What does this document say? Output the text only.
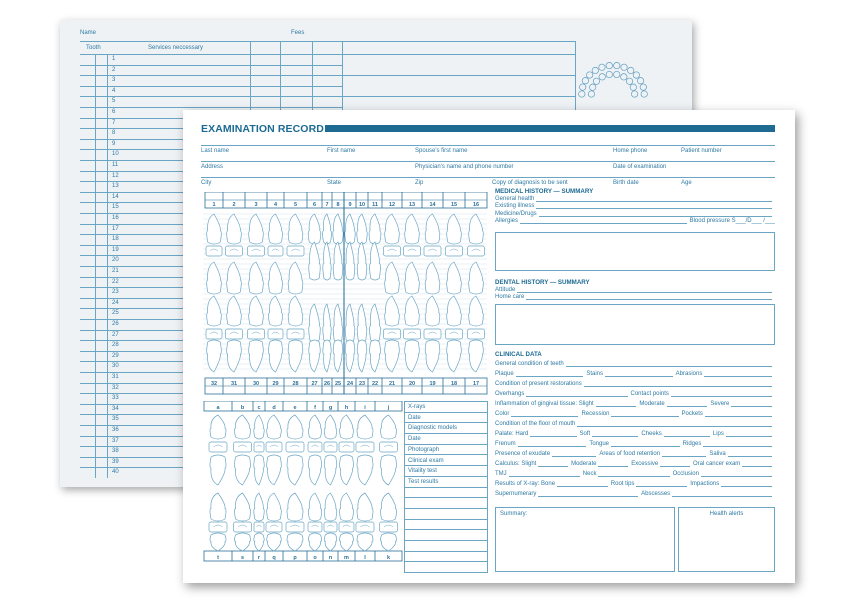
Name	Fees
Tooth	Services neccessary
1
2
3
4
5
6
7
8
9
10
11
12
13
14
15
16
17
18
19
20
21
22
23
24
25
26
27
28
29
30
31
32
33
34
35
36
37
38
39
40
EXAMINATION RECORD
Last name	First name	Spouse's first name	Home phone	Patient number
Address	Physician's name and phone number	Date of examination
City	State	Zip	Copy of diagnosis to be sent	Birth date	Age
1	2	3	4	5	6 7 8 9 10 11 12	13	14	15	16
32	31	30 29	28 27 26 25 24 23 22 21	20	19	18	17
a	b c d	e	f g h	i	j
t	s	r q	p	o n m	l	k
X-rays
Date
Diagnostic models
Date
Photograph
Clinical exam
Vitality test
Test results
MEDICAL HISTORY — SUMMARY
General health
Existing illness
Medicine/Drugs
Allergies	Blood pressure S___/D___ /___
DENTAL HISTORY — SUMMARY
Attitude
Home care
CLINICAL DATA
General condition of teeth
Plaque	Stains	Abrasions
Condition of present restorations
Overhangs	Contact points
Inflammation of gingival tissue: Slight	Moderate	Severe
Color	Recession	Pockets
Condition of the floor of mouth
Palate: Hard	Soft	Cheeks	Lips
Frenum	Tongue	Ridges
Presence of exudate	Areas of food retention	Saliva
Calculus: Slight	Moderate	Excessive	Oral cancer exam
TMJ	Neck	Occlusion
Results of X-ray: Bone	Root tips	Impactions
Supernumerary	Abscesses
Summary:	Health alerts
